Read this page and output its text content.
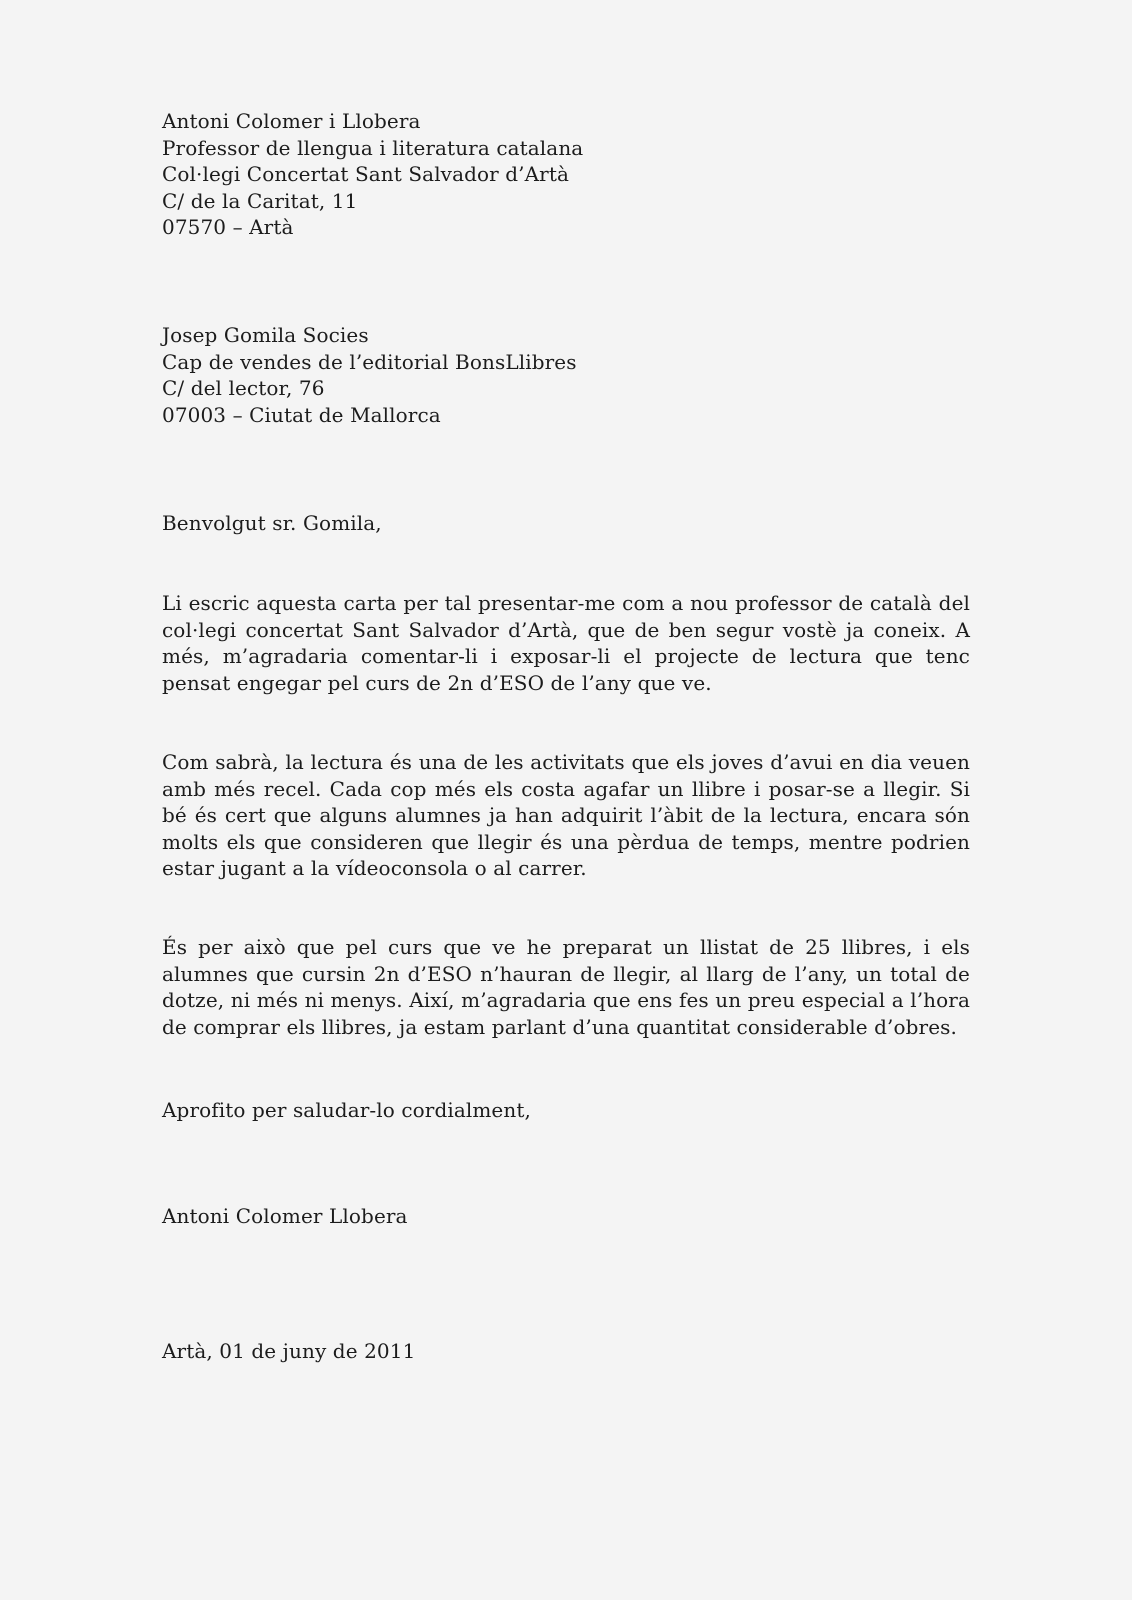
Antoni Colomer i Llobera
Professor de llengua i literatura catalana
Col·legi Concertat Sant Salvador d’Artà
C/ de la Caritat, 11
07570 – Artà
Josep Gomila Socies
Cap de vendes de l’editorial BonsLlibres
C/ del lector, 76
07003 – Ciutat de Mallorca
Benvolgut sr. Gomila,

Li escric aquesta carta per tal presentar-me com a nou professor de català del col·legi concertat Sant Salvador d’Artà, que de ben segur vostè ja coneix. A més, m’agradaria comentar-li i exposar-li el projecte de lectura que tenc pensat engegar pel curs de 2n d’ESO de l’any que ve.

Com sabrà, la lectura és una de les activitats que els joves d’avui en dia veuen amb més recel. Cada cop més els costa agafar un llibre i posar-se a llegir. Si bé és cert que alguns alumnes ja han adquirit l’àbit de la lectura, encara són molts els que consideren que llegir és una pèrdua de temps, mentre podrien estar jugant a la vídeoconsola o al carrer.

És per això que pel curs que ve he preparat un llistat de 25 llibres, i els alumnes que cursin 2n d’ESO n’hauran de llegir, al llarg de l’any, un total de dotze, ni més ni menys. Així, m’agradaria que ens fes un preu especial a l’hora de comprar els llibres, ja estam parlant d’una quantitat considerable d’obres.

Aprofito per saludar-lo cordialment,
Antoni Colomer Llobera
Artà, 01 de juny de 2011
